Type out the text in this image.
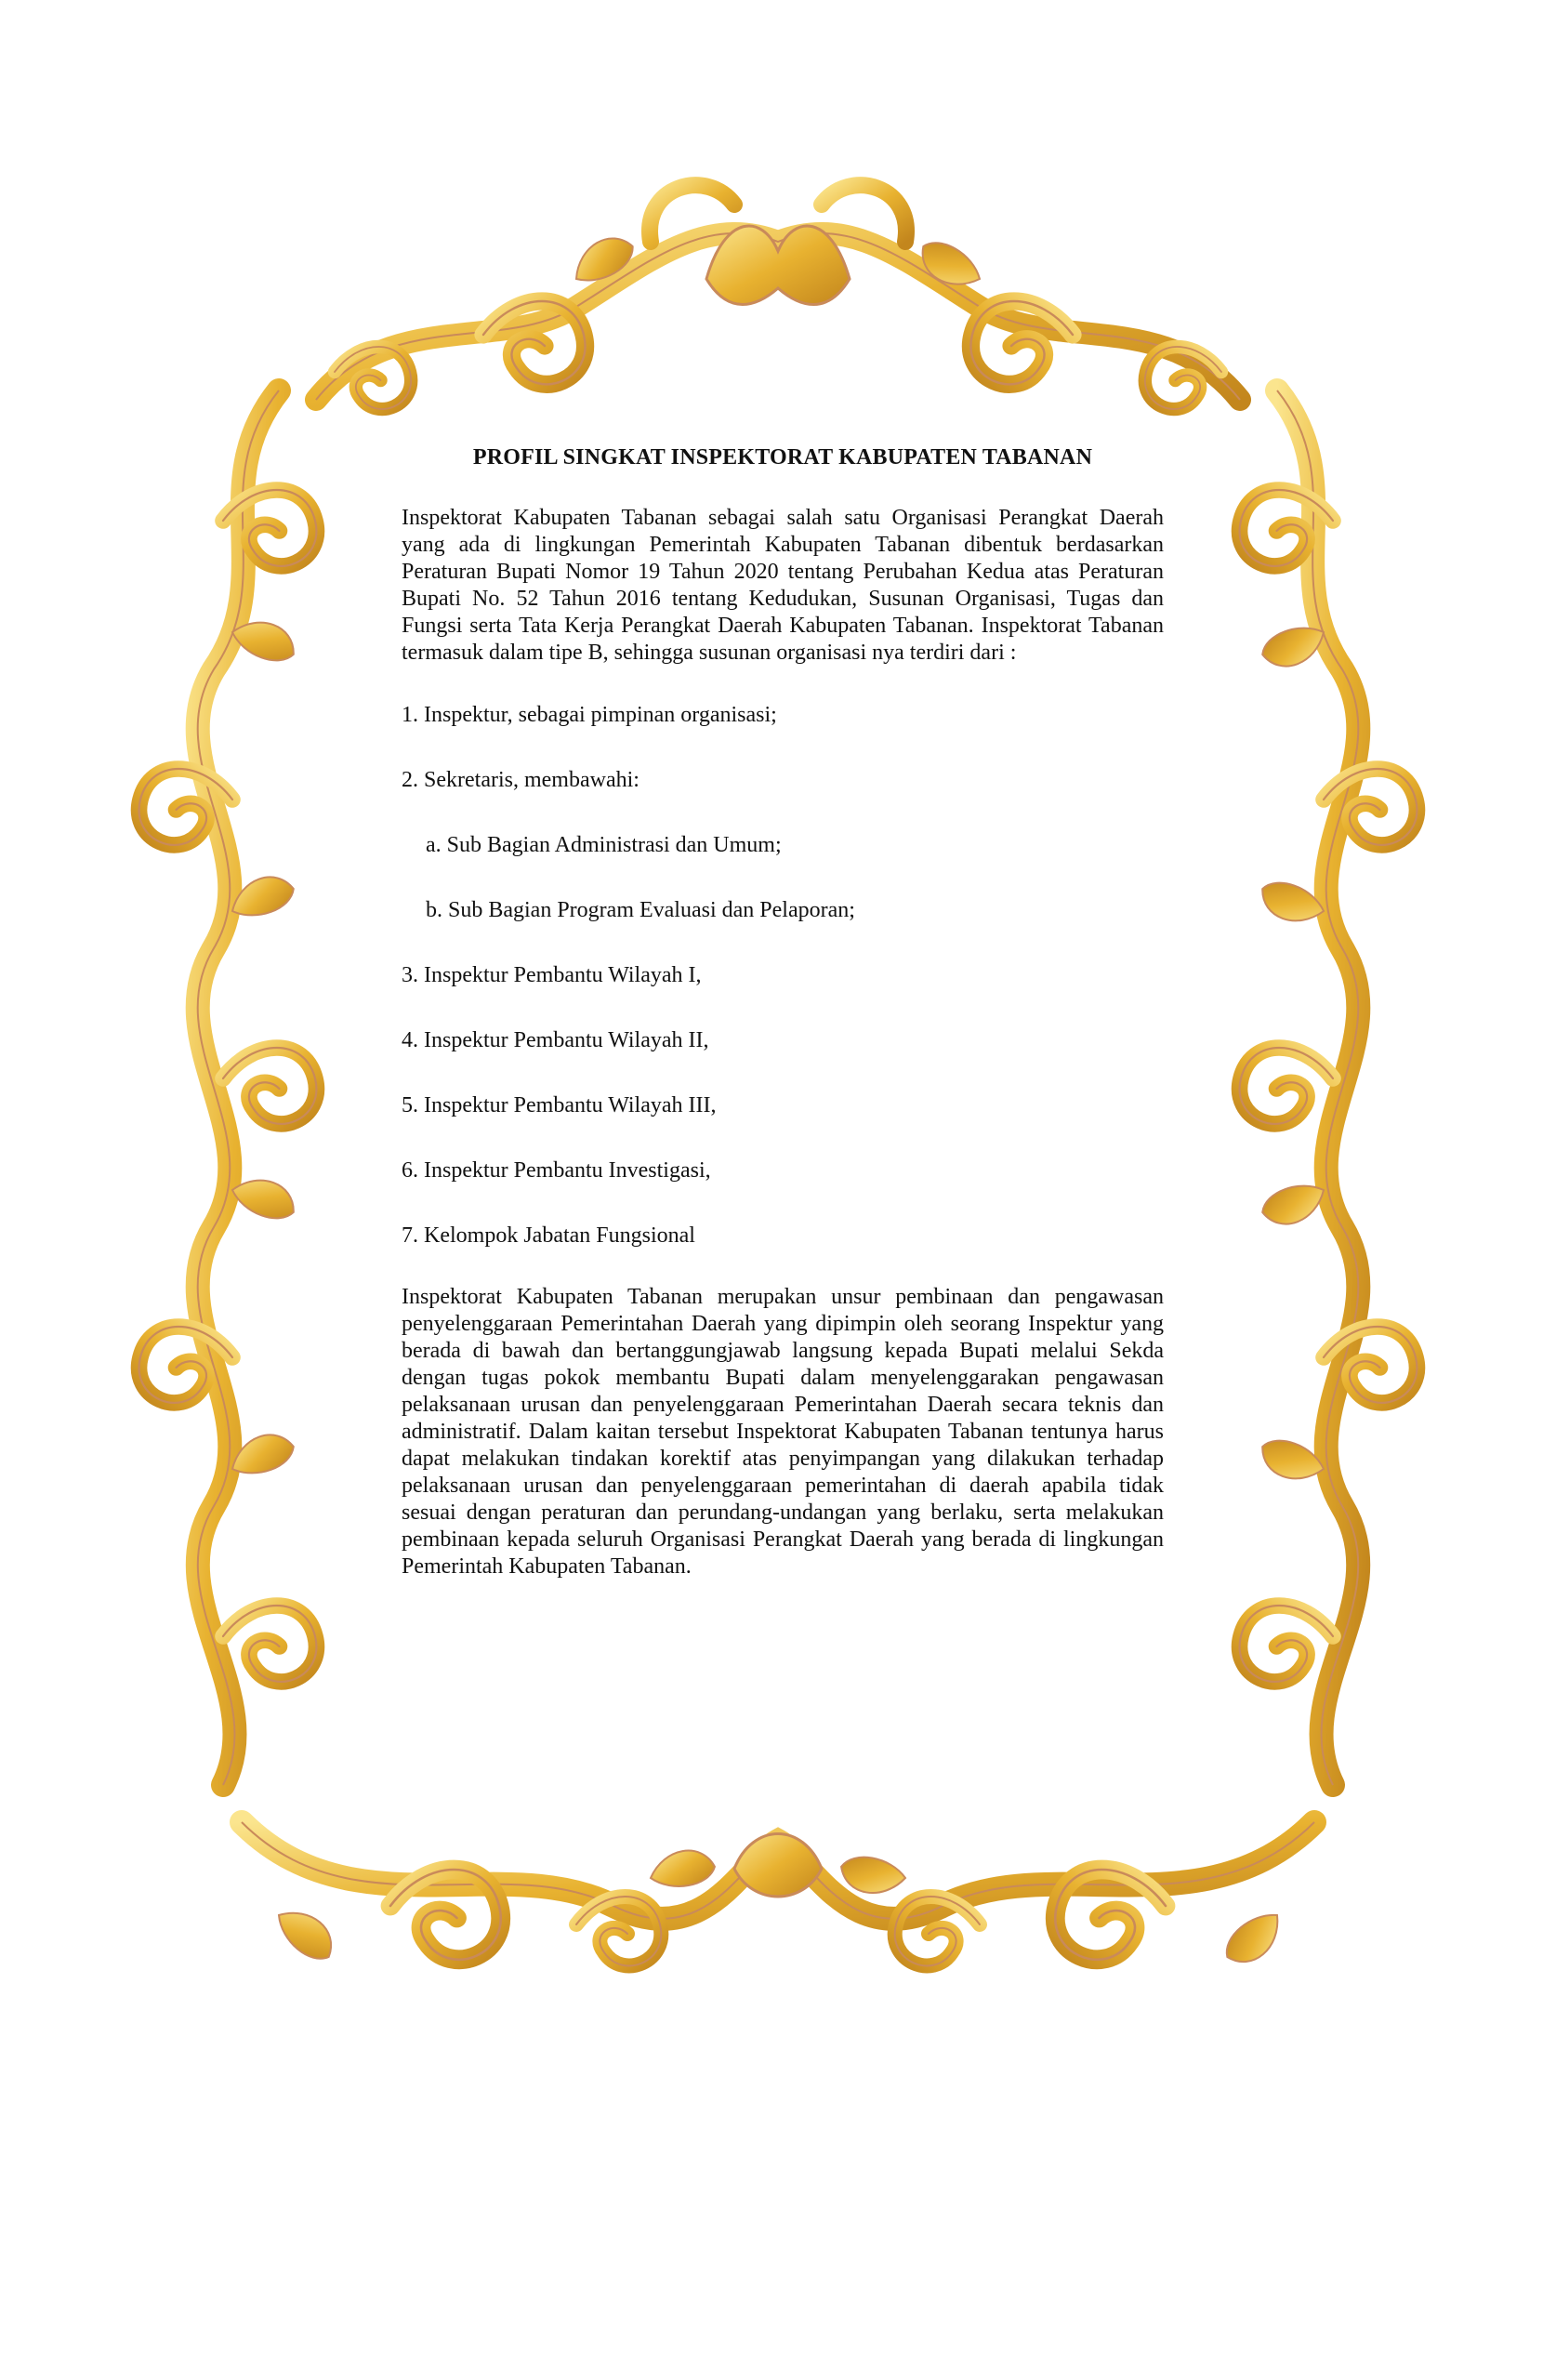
PROFIL SINGKAT INSPEKTORAT KABUPATEN TABANAN

Inspektorat Kabupaten Tabanan sebagai salah satu Organisasi Perangkat Daerah yang ada di lingkungan Pemerintah Kabupaten Tabanan dibentuk berdasarkan Peraturan Bupati Nomor 19 Tahun 2020 tentang Perubahan Kedua atas Peraturan Bupati No. 52 Tahun 2016 tentang Kedudukan, Susunan Organisasi, Tugas dan Fungsi serta Tata Kerja Perangkat Daerah Kabupaten Tabanan. Inspektorat Tabanan termasuk dalam tipe B, sehingga susunan organisasi nya terdiri dari :

1. Inspektur, sebagai pimpinan organisasi;
2. Sekretaris, membawahi:
a. Sub Bagian Administrasi dan Umum;
b. Sub Bagian Program Evaluasi dan Pelaporan;
3. Inspektur Pembantu Wilayah I,
4. Inspektur Pembantu Wilayah II,
5. Inspektur Pembantu Wilayah III,
6. Inspektur Pembantu Investigasi,
7. Kelompok Jabatan Fungsional

Inspektorat Kabupaten Tabanan merupakan unsur pembinaan dan pengawasan penyelenggaraan Pemerintahan Daerah yang dipimpin oleh seorang Inspektur yang berada di bawah dan bertanggungjawab langsung kepada Bupati melalui Sekda dengan tugas pokok membantu Bupati dalam menyelenggarakan pengawasan pelaksanaan urusan dan penyelenggaraan Pemerintahan Daerah secara teknis dan administratif. Dalam kaitan tersebut Inspektorat Kabupaten Tabanan tentunya harus dapat melakukan tindakan korektif atas penyimpangan yang dilakukan terhadap pelaksanaan urusan dan penyelenggaraan pemerintahan di daerah apabila tidak sesuai dengan peraturan dan perundang-undangan yang berlaku, serta melakukan pembinaan kepada seluruh Organisasi Perangkat Daerah yang berada di lingkungan Pemerintah Kabupaten Tabanan.
